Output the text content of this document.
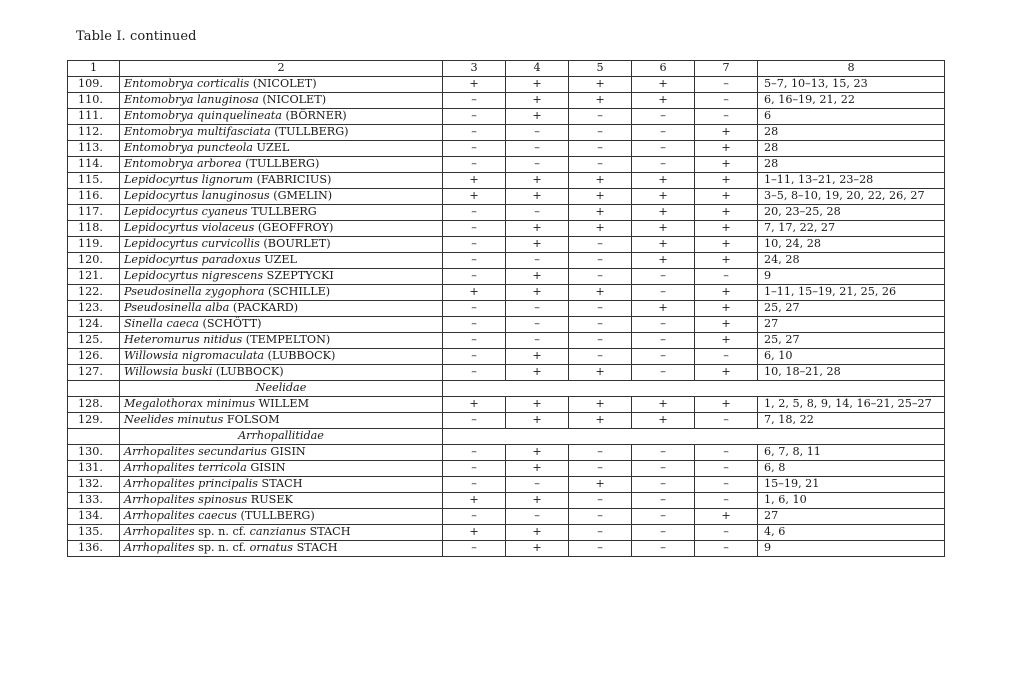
Table I. continued
1	2	3	4	5	6	7	8
109.	Entomobrya corticalis (NICOLET)	+	+	+	+	–	5–7, 10–13, 15, 23
110.	Entomobrya lanuginosa (NICOLET)	–	+	+	+	–	6, 16–19, 21, 22
111.	Entomobrya quinquelineata (BÖRNER)	–	+	–	–	–	6
112.	Entomobrya multifasciata (TULLBERG)	–	–	–	–	+	28
113.	Entomobrya puncteola UZEL	–	–	–	–	+	28
114.	Entomobrya arborea (TULLBERG)	–	–	–	–	+	28
115.	Lepidocyrtus lignorum (FABRICIUS)	+	+	+	+	+	1–11, 13–21, 23–28
116.	Lepidocyrtus lanuginosus (GMELIN)	+	+	+	+	+	3–5, 8–10, 19, 20, 22, 26, 27
117.	Lepidocyrtus cyaneus TULLBERG	–	–	+	+	+	20, 23–25, 28
118.	Lepidocyrtus violaceus (GEOFFROY)	–	+	+	+	+	7, 17, 22, 27
119.	Lepidocyrtus curvicollis (BOURLET)	–	+	–	+	+	10, 24, 28
120.	Lepidocyrtus paradoxus UZEL	–	–	–	+	+	24, 28
121.	Lepidocyrtus nigrescens SZEPTYCKI	–	+	–	–	–	9
122.	Pseudosinella zygophora (SCHILLE)	+	+	+	–	+	1–11, 15–19, 21, 25, 26
123.	Pseudosinella alba (PACKARD)	–	–	–	+	+	25, 27
124.	Sinella caeca (SCHÖTT)	–	–	–	–	+	27
125.	Heteromurus nitidus (TEMPELTON)	–	–	–	–	+	25, 27
126.	Willowsia nigromaculata (LUBBOCK)	–	+	–	–	–	6, 10
127.	Willowsia buski (LUBBOCK)	–	+	+	–	+	10, 18–21, 28
	Neelidae						
128.	Megalothorax minimus WILLEM	+	+	+	+	+	1, 2, 5, 8, 9, 14, 16–21, 25–27
129.	Neelides minutus FOLSOM	–	+	+	+	–	7, 18, 22
	Arrhopallitidae						
130.	Arrhopalites secundarius GISIN	–	+	–	–	–	6, 7, 8, 11
131.	Arrhopalites terricola GISIN	–	+	–	–	–	6, 8
132.	Arrhopalites principalis STACH	–	–	+	–	–	15–19, 21
133.	Arrhopalites spinosus RUSEK	+	+	–	–	–	1, 6, 10
134.	Arrhopalites caecus (TULLBERG)	–	–	–	–	+	27
135.	Arrhopalites sp. n. cf. canzianus STACH	+	+	–	–	–	4, 6
136.	Arrhopalites sp. n. cf. ornatus STACH	–	+	–	–	–	9
